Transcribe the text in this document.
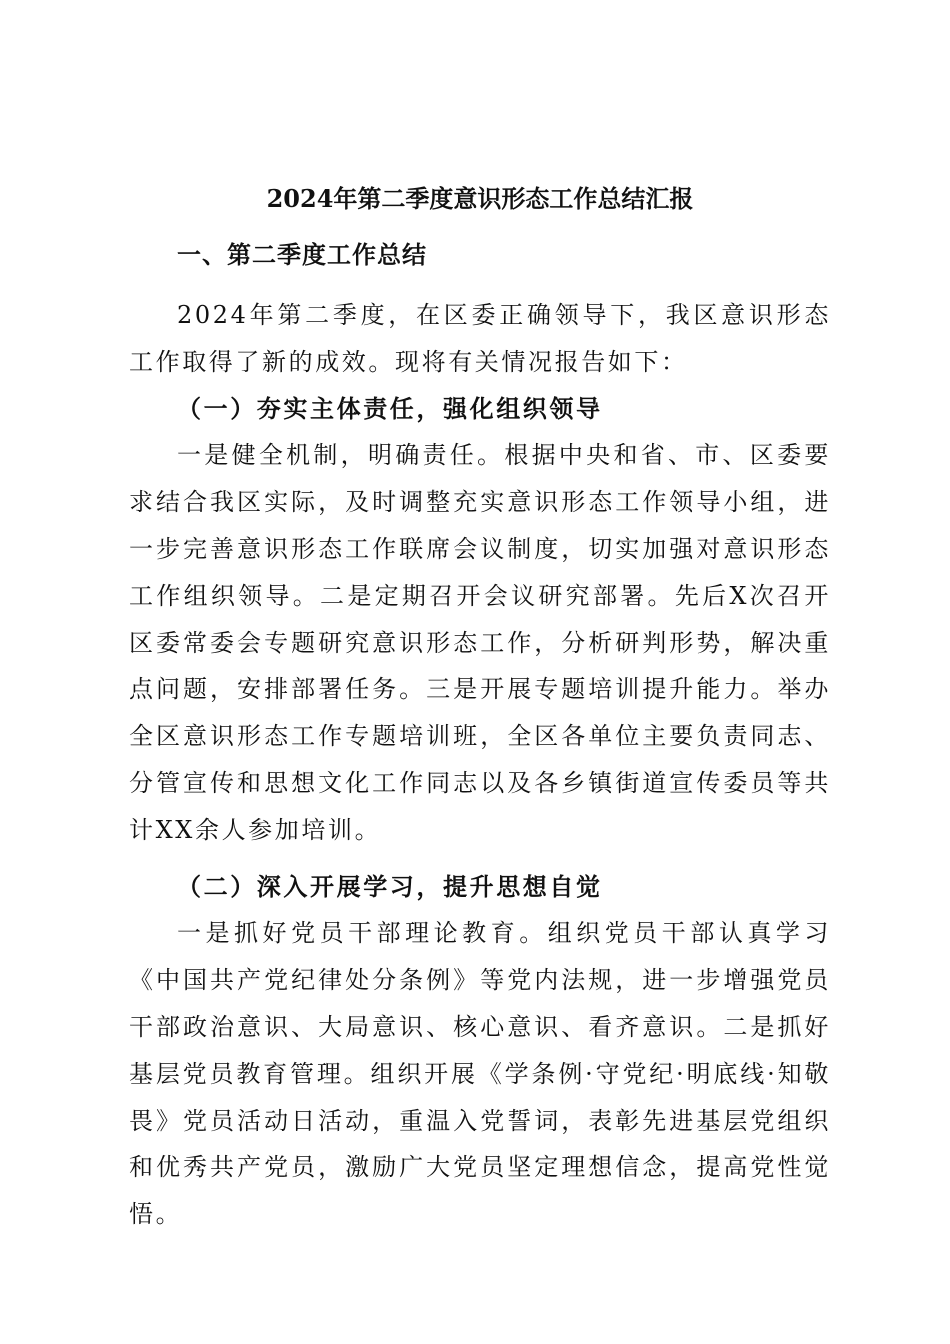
2024年第二季度意识形态工作总结汇报
一、第二季度工作总结

2024年第二季度，在区委正确领导下，我区意识形态工作取得了新的成效。现将有关情况报告如下：

（一）夯实主体责任，强化组织领导

一是健全机制，明确责任。根据中央和省、市、区委要求结合我区实际，及时调整充实意识形态工作领导小组，进一步完善意识形态工作联席会议制度，切实加强对意识形态工作组织领导。二是定期召开会议研究部署。先后X次召开区委常委会专题研究意识形态工作，分析研判形势，解决重点问题，安排部署任务。三是开展专题培训提升能力。举办全区意识形态工作专题培训班，全区各单位主要负责同志、分管宣传和思想文化工作同志以及各乡镇街道宣传委员等共计XX余人参加培训。

（二）深入开展学习，提升思想自觉

一是抓好党员干部理论教育。组织党员干部认真学习《中国共产党纪律处分条例》等党内法规，进一步增强党员干部政治意识、大局意识、核心意识、看齐意识。二是抓好基层党员教育管理。组织开展《学条例·守党纪·明底线·知敬畏》党员活动日活动，重温入党誓词，表彰先进基层党组织和优秀共产党员，激励广大党员坚定理想信念，提高党性觉悟。
